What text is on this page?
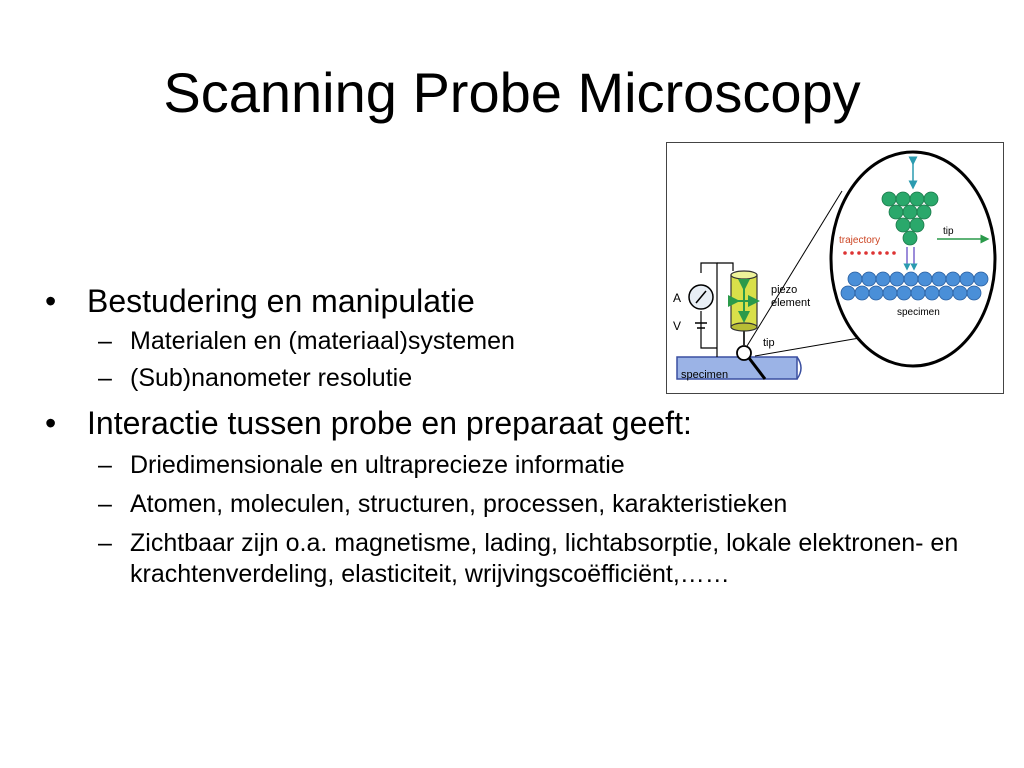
Scanning Probe Microscopy
• Bestudering en manipulatie
– Materialen en (materiaal)systemen
– (Sub)nanometer resolutie
• Interactie tussen probe en preparaat geeft:
– Driedimensionale en ultraprecieze informatie
– Atomen, moleculen, structuren, processen, karakteristieken
– Zichtbaar zijn o.a. magnetisme, lading, lichtabsorptie, lokale elektronen- en krachtenverdeling, elasticiteit, wrijvingscoëfficiënt,……
specimen
A
V
piezo
element
tip
trajectory
tip
specimen
